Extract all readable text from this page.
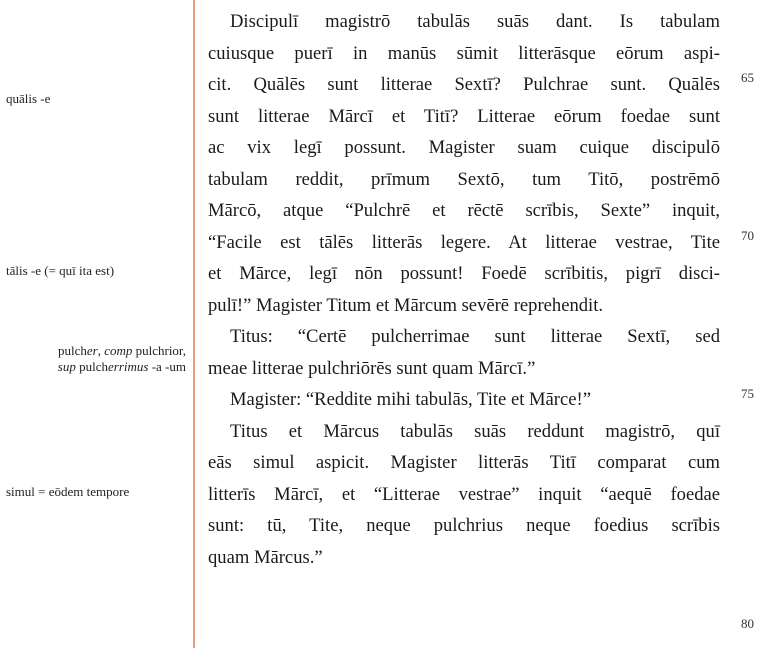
quālis -e
tālis -e (= quī ita est)
pulcher, comp pulchrior,
sup pulcherrimus -a -um
simul = eōdem tempore
Discipulī magistrō tabulās suās dant. Is tabulam
cuiusque puerī in manūs sūmit litterāsque eōrum aspi-
cit. Quālēs sunt litterae Sextī? Pulchrae sunt. Quālēs
sunt litterae Mārcī et Titī? Litterae eōrum foedae sunt
ac vix legī possunt. Magister suam cuique discipulō
tabulam reddit, prīmum Sextō, tum Titō, postrēmō
Mārcō, atque “Pulchrē et rēctē scrībis, Sexte” inquit,
“Facile est tālēs litterās legere. At litterae vestrae, Tite
et Mārce, legī nōn possunt! Foedē scrībitis, pigrī disci-
pulī!” Magister Titum et Mārcum sevērē reprehendit.
Titus: “Certē pulcherrimae sunt litterae Sextī, sed
meae litterae pulchriōrēs sunt quam Mārcī.”
Magister: “Reddite mihi tabulās, Tite et Mārce!”
Titus et Mārcus tabulās suās reddunt magistrō, quī
eās simul aspicit. Magister litterās Titī comparat cum
litterīs Mārcī, et “Litterae vestrae” inquit “aequē foedae
sunt: tū, Tite, neque pulchrius neque foedius scrībis
quam Mārcus.”
65
70
75
80
